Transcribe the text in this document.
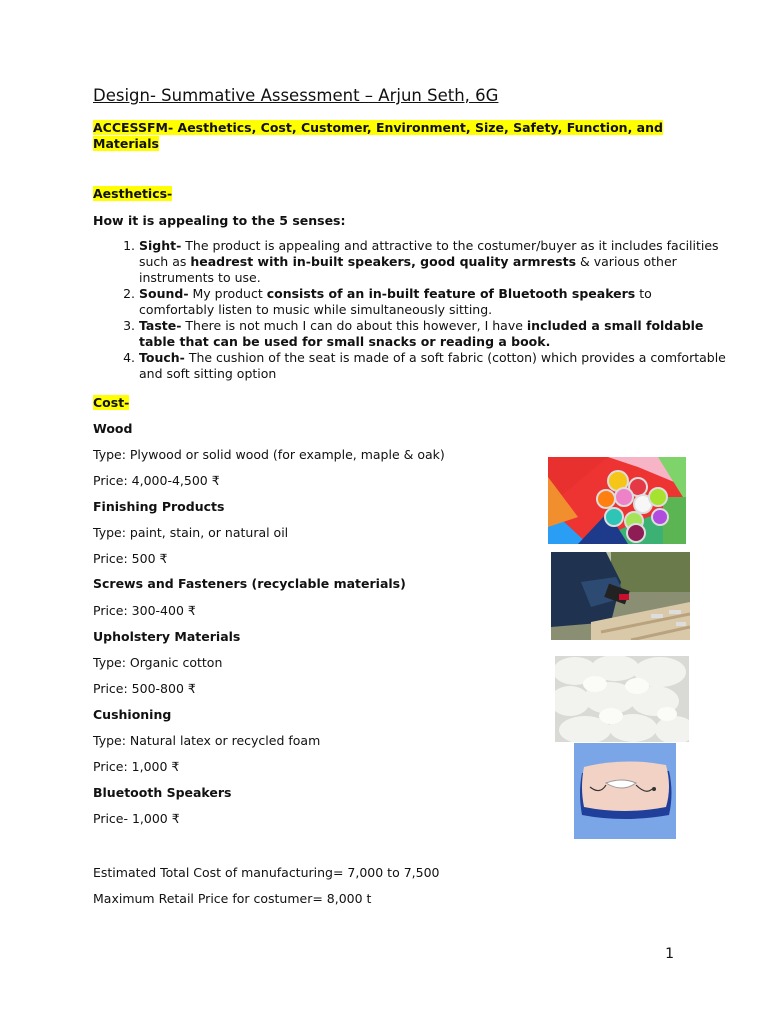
Design- Summative Assessment – Arjun Seth, 6G
ACCESSFM- Aesthetics, Cost, Customer, Environment, Size, Safety, Function, and Materials
Aesthetics-
How it is appealing to the 5 senses:
1. Sight- The product is appealing and attractive to the costumer/buyer as it includes facilities such as headrest with in-built speakers, good quality armrests & various other instruments to use.
2. Sound- My product consists of an in-built feature of Bluetooth speakers to comfortably listen to music while simultaneously sitting.
3. Taste- There is not much I can do about this however, I have included a small foldable table that can be used for small snacks or reading a book.
4. Touch- The cushion of the seat is made of a soft fabric (cotton) which provides a comfortable and soft sitting option
Cost-
Wood
Type: Plywood or solid wood (for example, maple & oak)
Price: 4,000-4,500 ₹
Finishing Products
Type: paint, stain, or natural oil
Price: 500 ₹
Screws and Fasteners (recyclable materials)
Price: 300-400 ₹
Upholstery Materials
Type: Organic cotton
Price: 500-800 ₹
Cushioning
Type: Natural latex or recycled foam
Price: 1,000 ₹
Bluetooth Speakers
Price- 1,000 ₹
Estimated Total Cost of manufacturing= 7,000 to 7,500
Maximum Retail Price for costumer= 8,000 t
1
